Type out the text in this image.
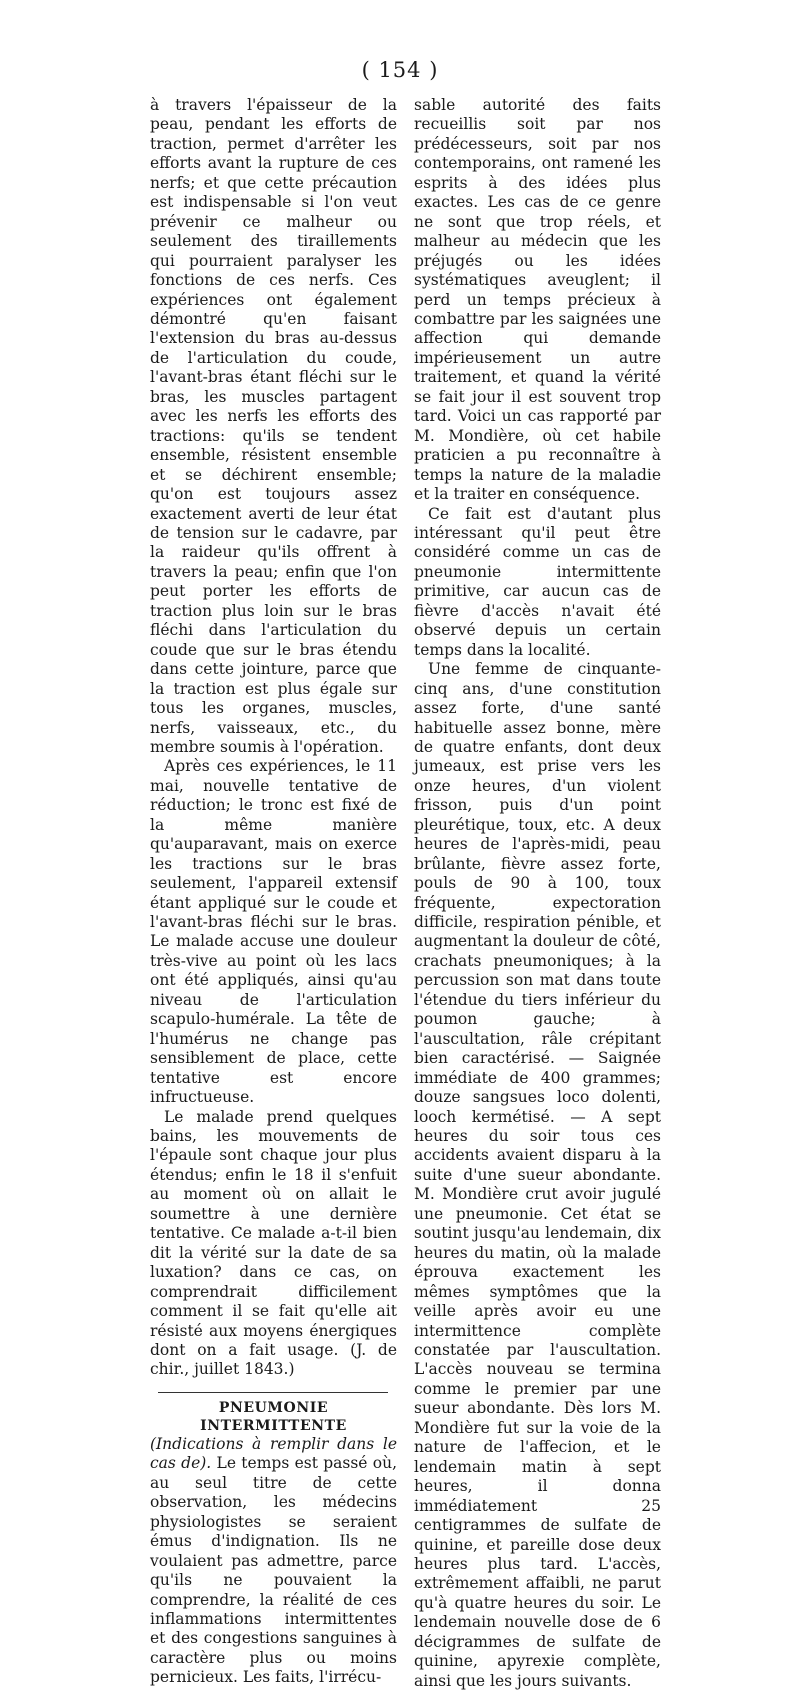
( 154 )

à travers l'épaisseur de la peau, pendant les efforts de traction, permet d'arrêter les efforts avant la rupture de ces nerfs; et que cette précaution est indispensable si l'on veut prévenir ce malheur ou seulement des tiraillements qui pourraient paralyser les fonctions de ces nerfs. Ces expériences ont également démontré qu'en faisant l'extension du bras au-dessus de l'articulation du coude, l'avant-bras étant fléchi sur le bras, les muscles partagent avec les nerfs les efforts des tractions: qu'ils se tendent ensemble, résistent ensemble et se déchirent ensemble; qu'on est toujours assez exactement averti de leur état de tension sur le cadavre, par la raideur qu'ils offrent à travers la peau; enfin que l'on peut porter les efforts de traction plus loin sur le bras fléchi dans l'articulation du coude que sur le bras étendu dans cette jointure, parce que la traction est plus égale sur tous les organes, muscles, nerfs, vaisseaux, etc., du membre soumis à l'opération.

Après ces expériences, le 11 mai, nouvelle tentative de réduction; le tronc est fixé de la même manière qu'auparavant, mais on exerce les tractions sur le bras seulement, l'appareil extensif étant appliqué sur le coude et l'avant-bras fléchi sur le bras. Le malade accuse une douleur très-vive au point où les lacs ont été appliqués, ainsi qu'au niveau de l'articulation scapulo-humérale. La tête de l'humérus ne change pas sensiblement de place, cette tentative est encore infructueuse.

Le malade prend quelques bains, les mouvements de l'épaule sont chaque jour plus étendus; enfin le 18 il s'enfuit au moment où on allait le soumettre à une dernière tentative. Ce malade a-t-il bien dit la vérité sur la date de sa luxation? dans ce cas, on comprendrait difficilement comment il se fait qu'elle ait résisté aux moyens énergiques dont on a fait usage. (J. de chir., juillet 1843.)

PNEUMONIE INTERMITTENTE

(Indications à remplir dans le cas de). Le temps est passé où, au seul titre de cette observation, les médecins physiologistes se seraient émus d'indignation. Ils ne voulaient pas admettre, parce qu'ils ne pouvaient la comprendre, la réalité de ces inflammations intermittentes et des congestions sanguines à caractère plus ou moins pernicieux. Les faits, l'irrécu-

sable autorité des faits recueillis soit par nos prédécesseurs, soit par nos contemporains, ont ramené les esprits à des idées plus exactes. Les cas de ce genre ne sont que trop réels, et malheur au médecin que les préjugés ou les idées systématiques aveuglent; il perd un temps précieux à combattre par les saignées une affection qui demande impérieusement un autre traitement, et quand la vérité se fait jour il est souvent trop tard. Voici un cas rapporté par M. Mondière, où cet habile praticien a pu reconnaître à temps la nature de la maladie et la traiter en conséquence.

Ce fait est d'autant plus intéressant qu'il peut être considéré comme un cas de pneumonie intermittente primitive, car aucun cas de fièvre d'accès n'avait été observé depuis un certain temps dans la localité.

Une femme de cinquante-cinq ans, d'une constitution assez forte, d'une santé habituelle assez bonne, mère de quatre enfants, dont deux jumeaux, est prise vers les onze heures, d'un violent frisson, puis d'un point pleurétique, toux, etc. A deux heures de l'après-midi, peau brûlante, fièvre assez forte, pouls de 90 à 100, toux fréquente, expectoration difficile, respiration pénible, et augmentant la douleur de côté, crachats pneumoniques; à la percussion son mat dans toute l'étendue du tiers inférieur du poumon gauche; à l'auscultation, râle crépitant bien caractérisé. — Saignée immédiate de 400 grammes; douze sangsues loco dolenti, looch kermétisé. — A sept heures du soir tous ces accidents avaient disparu à la suite d'une sueur abondante. M. Mondière crut avoir jugulé une pneumonie. Cet état se soutint jusqu'au lendemain, dix heures du matin, où la malade éprouva exactement les mêmes symptômes que la veille après avoir eu une intermittence complète constatée par l'auscultation. L'accès nouveau se termina comme le premier par une sueur abondante. Dès lors M. Mondière fut sur la voie de la nature de l'affecion, et le lendemain matin à sept heures, il donna immédiatement 25 centigrammes de sulfate de quinine, et pareille dose deux heures plus tard. L'accès, extrêmement affaibli, ne parut qu'à quatre heures du soir. Le lendemain nouvelle dose de 6 décigrammes de sulfate de quinine, apyrexie complète, ainsi que les jours suivants.
